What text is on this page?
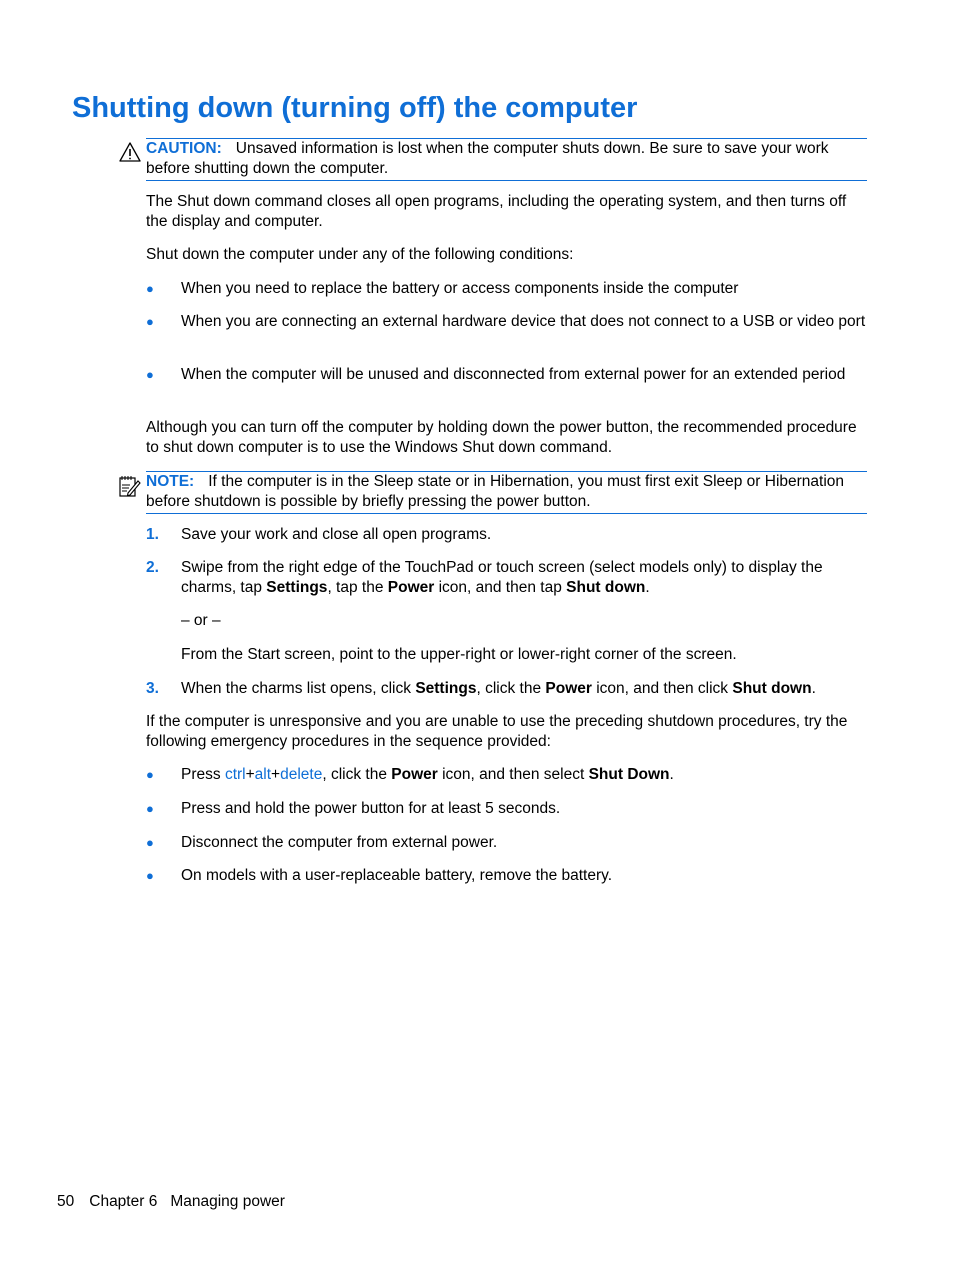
Shutting down (turning off) the computer
CAUTION: Unsaved information is lost when the computer shuts down. Be sure to save your work before shutting down the computer.

The Shut down command closes all open programs, including the operating system, and then turns off the display and computer.

Shut down the computer under any of the following conditions:

● When you need to replace the battery or access components inside the computer
● When you are connecting an external hardware device that does not connect to a USB or video port
● When the computer will be unused and disconnected from external power for an extended period

Although you can turn off the computer by holding down the power button, the recommended procedure to shut down computer is to use the Windows Shut down command.

NOTE: If the computer is in the Sleep state or in Hibernation, you must first exit Sleep or Hibernation before shutdown is possible by briefly pressing the power button.
1. Save your work and close all open programs.
2. Swipe from the right edge of the TouchPad or touch screen (select models only) to display the charms, tap Settings, tap the Power icon, and then tap Shut down.

– or –

From the Start screen, point to the upper-right or lower-right corner of the screen.

3. When the charms list opens, click Settings, click the Power icon, and then click Shut down.

If the computer is unresponsive and you are unable to use the preceding shutdown procedures, try the following emergency procedures in the sequence provided:

● Press ctrl+alt+delete, click the Power icon, and then select Shut Down.
● Press and hold the power button for at least 5 seconds.
● Disconnect the computer from external power.
● On models with a user-replaceable battery, remove the battery.
50 Chapter 6 Managing power
